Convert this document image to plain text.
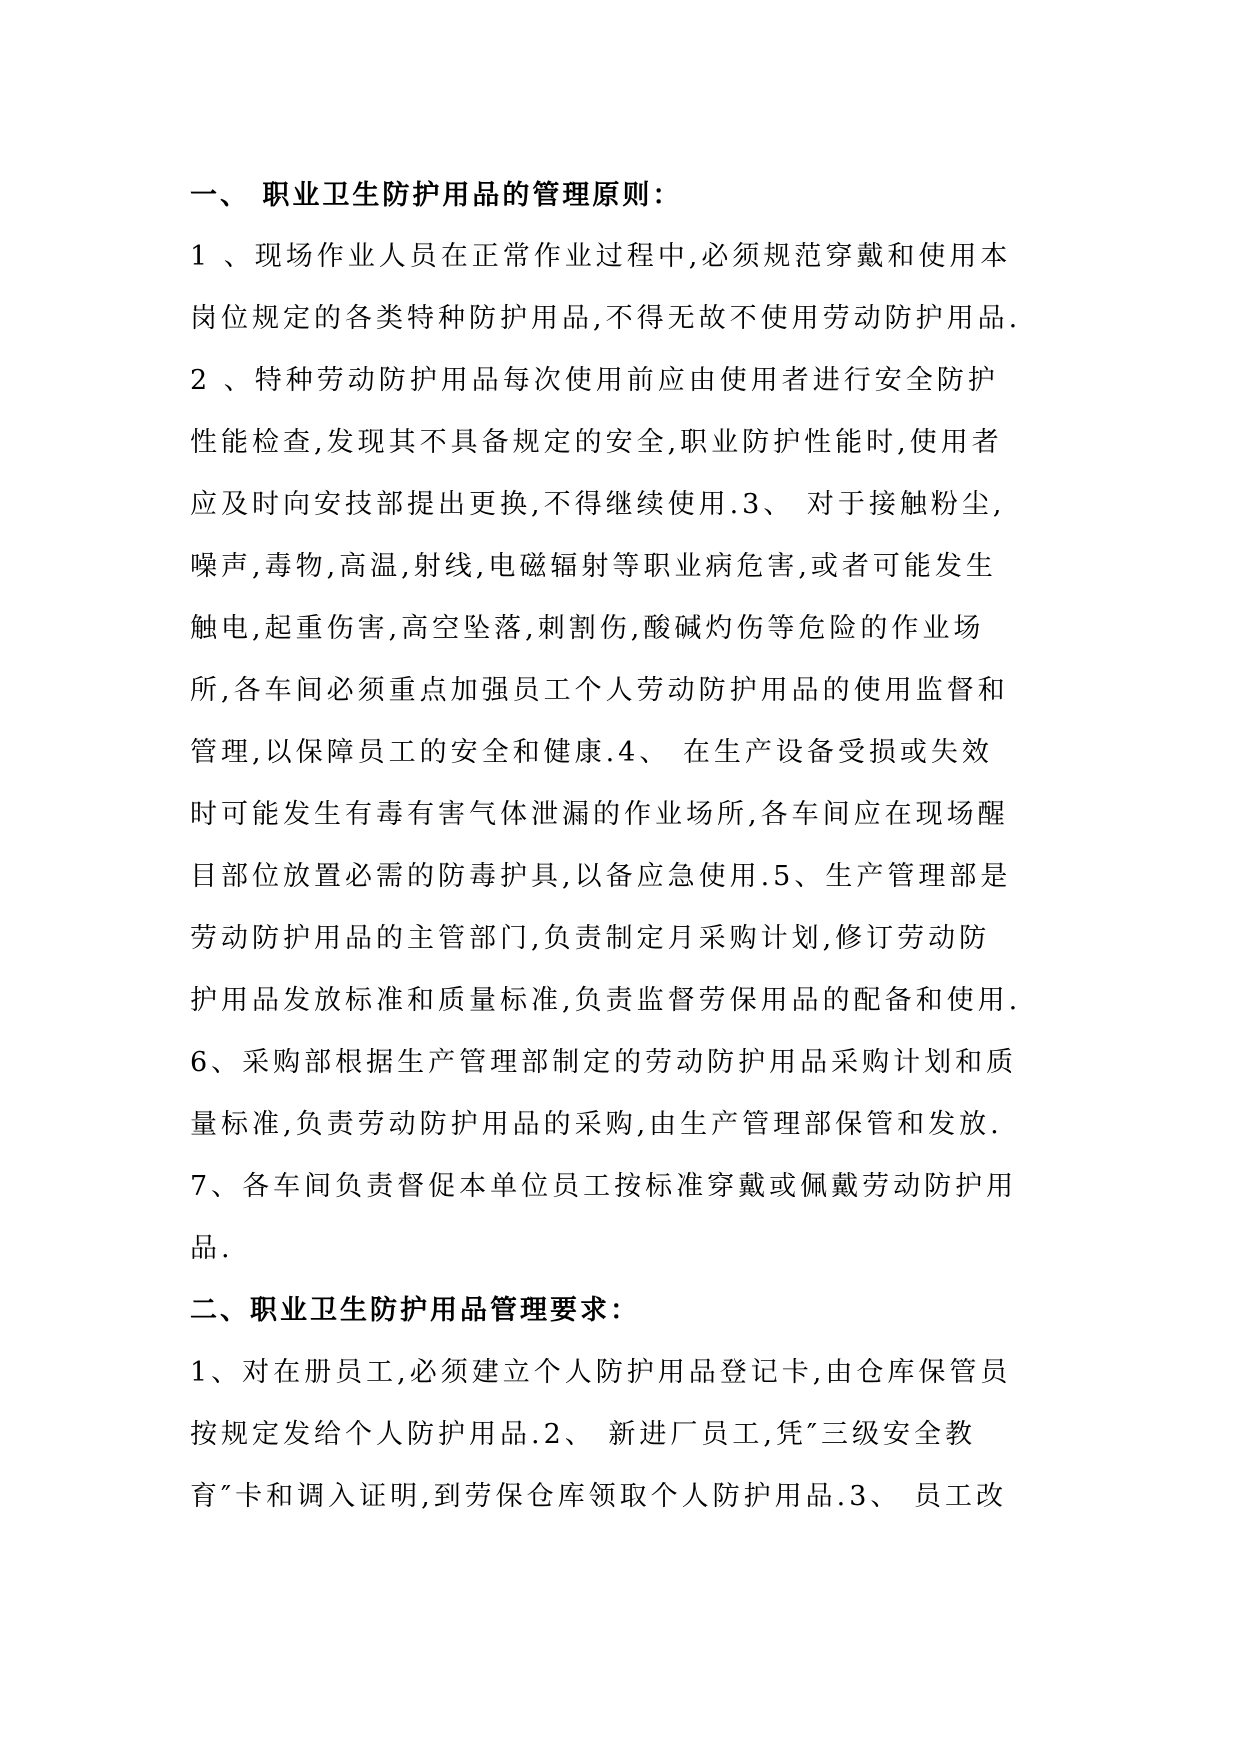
一、 职业卫生防护用品的管理原则：
1 、现场作业人员在正常作业过程中,必须规范穿戴和使用本
岗位规定的各类特种防护用品,不得无故不使用劳动防护用品.
2 、特种劳动防护用品每次使用前应由使用者进行安全防护
性能检查,发现其不具备规定的安全,职业防护性能时,使用者
应及时向安技部提出更换,不得继续使用.3、 对于接触粉尘,
噪声,毒物,高温,射线,电磁辐射等职业病危害,或者可能发生
触电,起重伤害,高空坠落,刺割伤,酸碱灼伤等危险的作业场
所,各车间必须重点加强员工个人劳动防护用品的使用监督和
管理,以保障员工的安全和健康.4、 在生产设备受损或失效
时可能发生有毒有害气体泄漏的作业场所,各车间应在现场醒
目部位放置必需的防毒护具,以备应急使用.5、生产管理部是
劳动防护用品的主管部门,负责制定月采购计划,修订劳动防
护用品发放标准和质量标准,负责监督劳保用品的配备和使用.
6、采购部根据生产管理部制定的劳动防护用品采购计划和质
量标准,负责劳动防护用品的采购,由生产管理部保管和发放.
7、各车间负责督促本单位员工按标准穿戴或佩戴劳动防护用
品.
二、职业卫生防护用品管理要求：
1、对在册员工,必须建立个人防护用品登记卡,由仓库保管员
按规定发给个人防护用品.2、 新进厂员工,凭″三级安全教
育″卡和调入证明,到劳保仓库领取个人防护用品.3、 员工改
